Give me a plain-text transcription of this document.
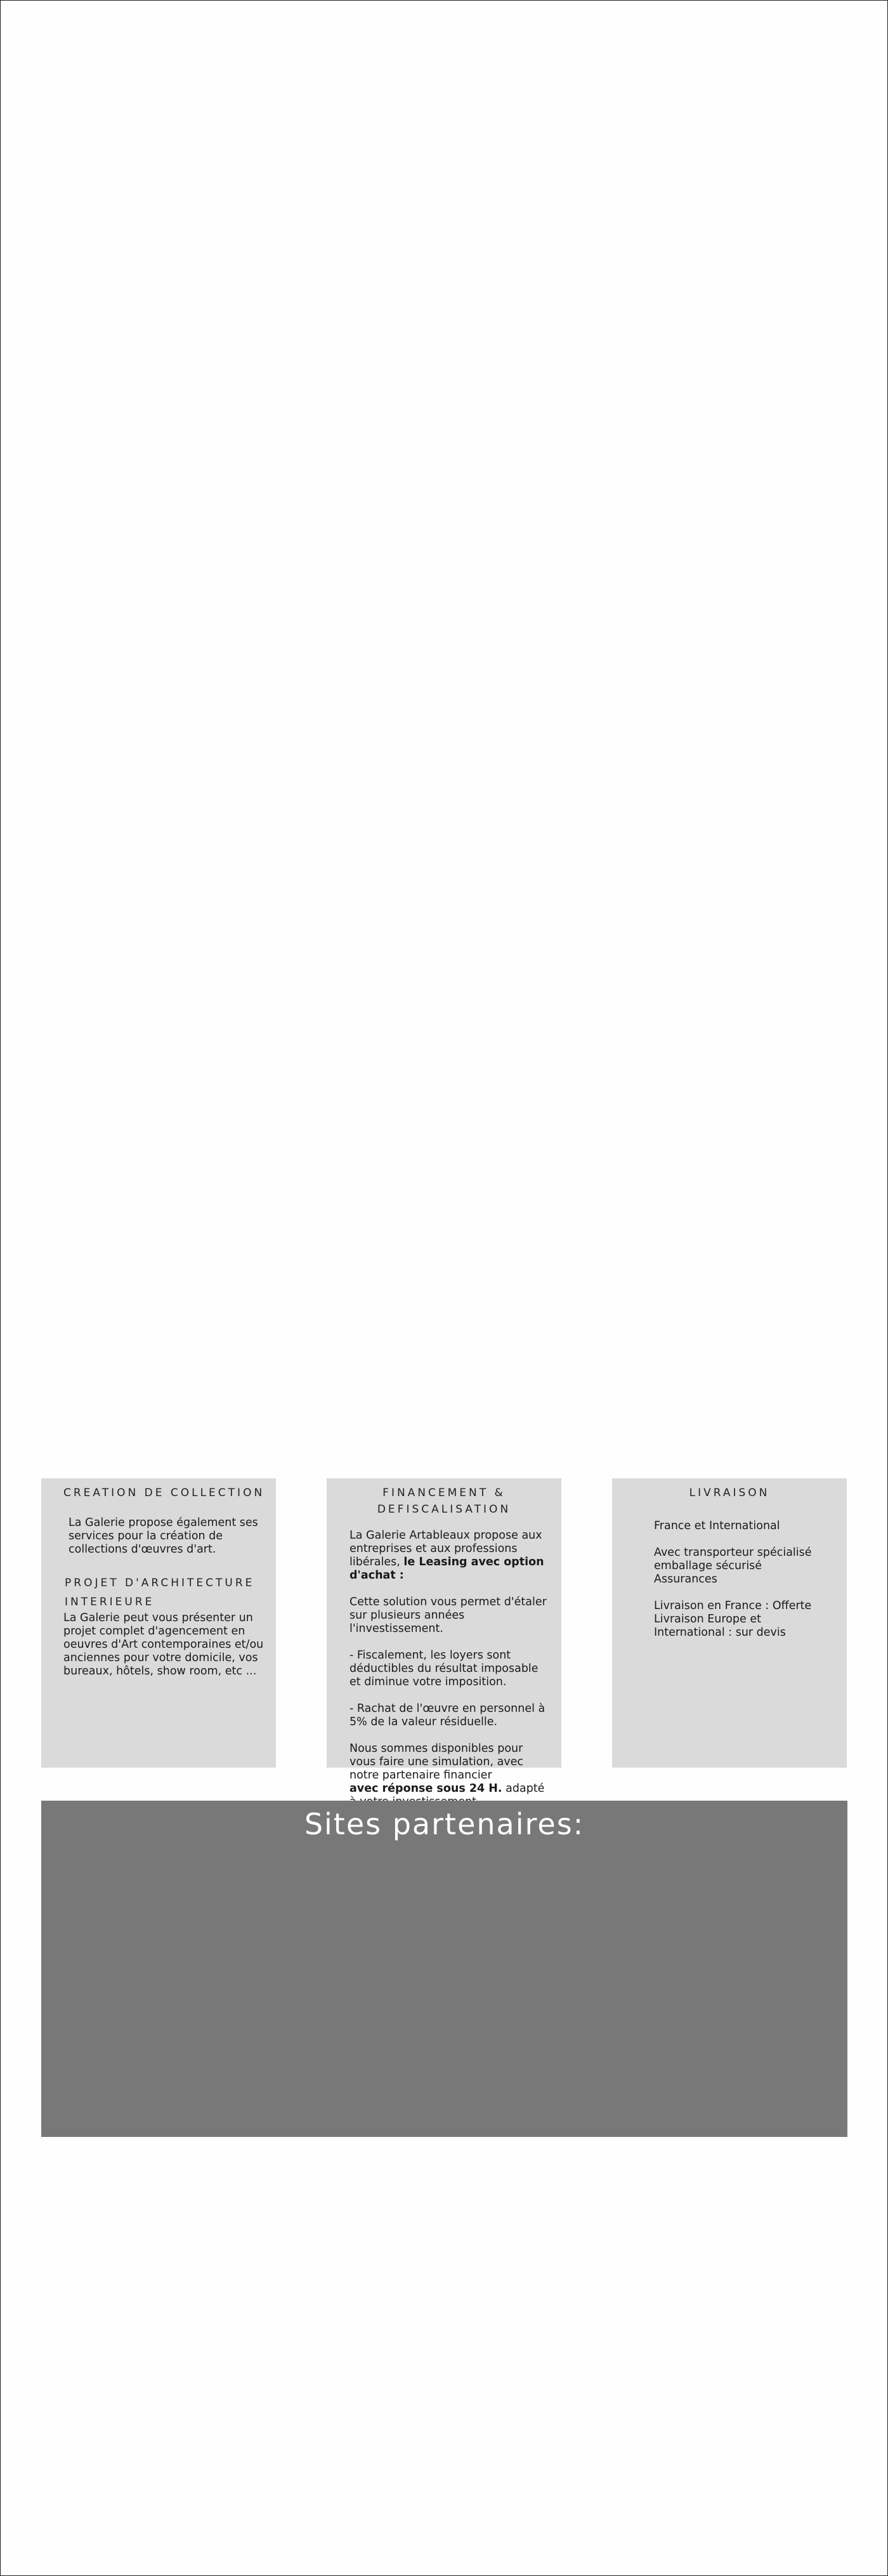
CREATION DE COLLECTION

La Galerie propose également ses services pour la création de collections d'œuvres d'art.

PROJET D'ARCHITECTURE INTERIEURE

La Galerie peut vous présenter un projet complet d'agencement en oeuvres d'Art contemporaines et/ou anciennes pour votre domicile, vos bureaux, hôtels, show room, etc ...

FINANCEMENT &
DEFISCALISATION

La Galerie Artableaux propose aux entreprises et aux professions libérales, le Leasing avec option d'achat :

Cette solution vous permet d'étaler sur plusieurs années l'investissement.

- Fiscalement, les loyers sont déductibles du résultat imposable et diminue votre imposition.

- Rachat de l'œuvre en personnel à 5% de la valeur résiduelle.

Nous sommes disponibles pour vous faire une simulation, avec notre partenaire financier
avec réponse sous 24 H. adapté

LIVRAISON

France et International

Avec transporteur spécialisé
emballage sécurisé
Assurances

Livraison en France : Offerte
Livraison Europe et
International : sur devis

Sites partenaires:
